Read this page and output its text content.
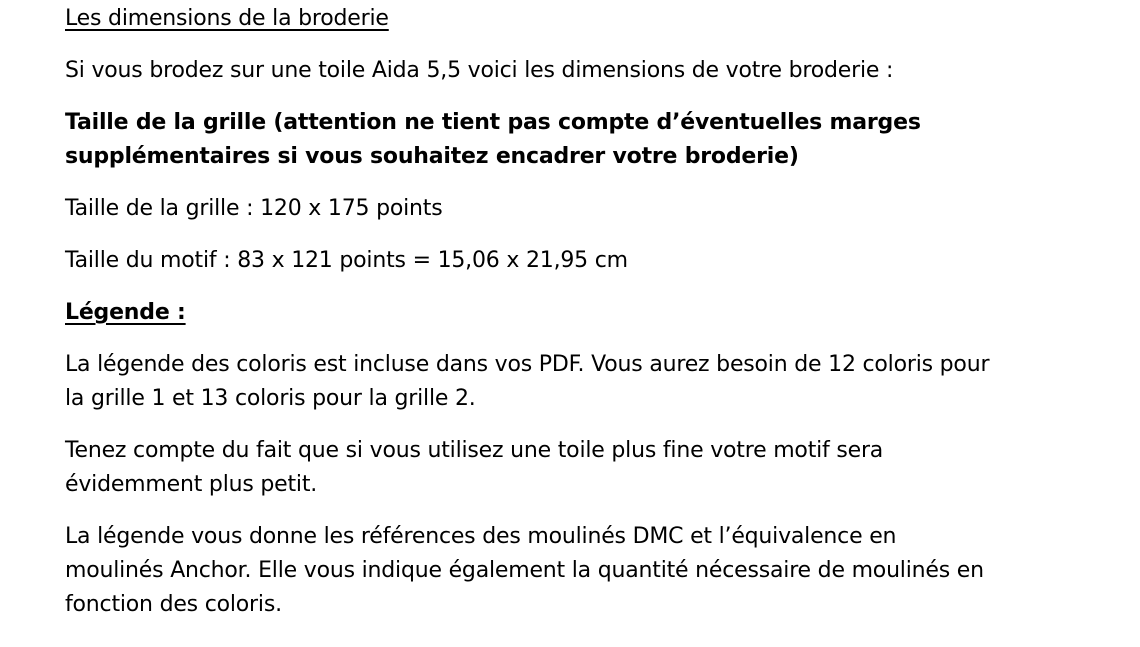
Les dimensions de la broderie
Si vous brodez sur une toile Aida 5,5 voici les dimensions de votre broderie :
Taille de la grille (attention ne tient pas compte d’éventuelles marges
supplémentaires si vous souhaitez encadrer votre broderie)
Taille de la grille : 120 x 175 points
Taille du motif : 83 x 121 points = 15,06 x 21,95 cm
Légende :
La légende des coloris est incluse dans vos PDF. Vous aurez besoin de 12 coloris pour
la grille 1 et 13 coloris pour la grille 2.
Tenez compte du fait que si vous utilisez une toile plus fine votre motif sera
évidemment plus petit.
La légende vous donne les références des moulinés DMC et l’équivalence en
moulinés Anchor. Elle vous indique également la quantité nécessaire de moulinés en
fonction des coloris.
